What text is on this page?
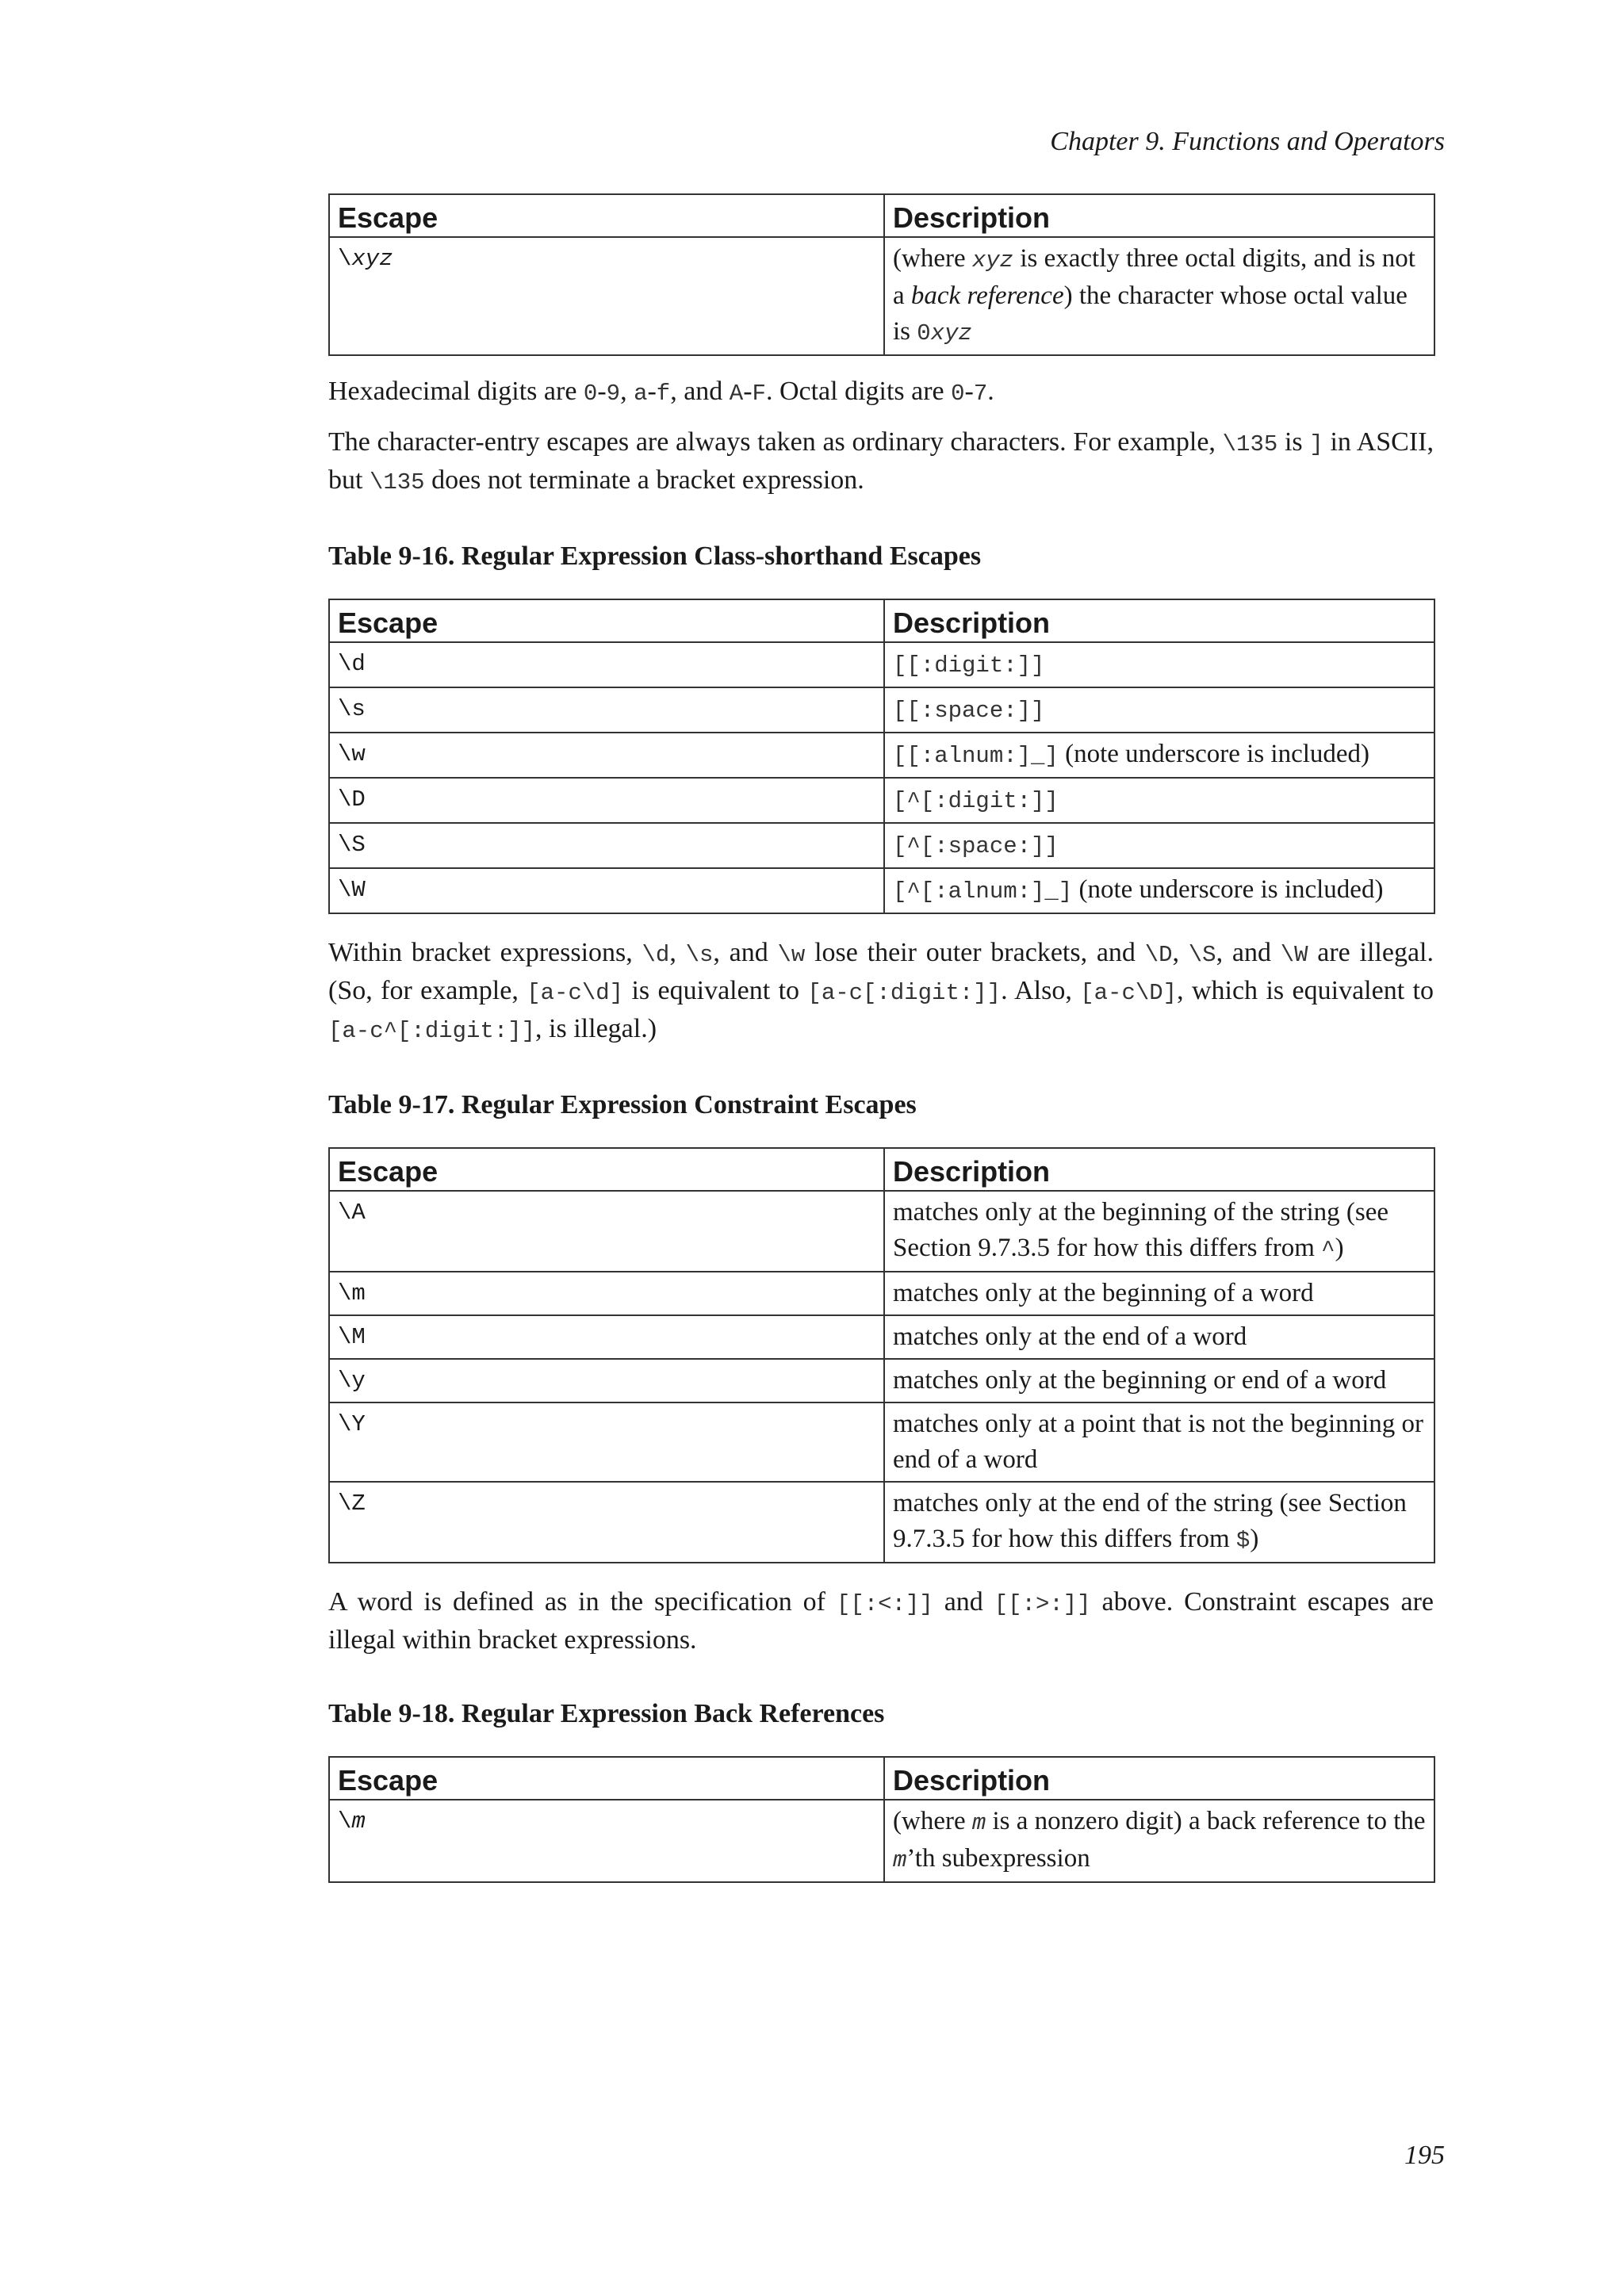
Chapter 9. Functions and Operators
Escape	Description
\xyz	(where xyz is exactly three octal digits, and is not a back reference) the character whose octal value is 0xyz

Hexadecimal digits are 0-9, a-f, and A-F. Octal digits are 0-7.

The character-entry escapes are always taken as ordinary characters. For example, \135 is ] in ASCII, but \135 does not terminate a bracket expression.

Table 9-16. Regular Expression Class-shorthand Escapes

Escape	Description
\d	[[:digit:]]
\s	[[:space:]]
\w	[[:alnum:]_] (note underscore is included)
\D	[^[:digit:]]
\S	[^[:space:]]
\W	[^[:alnum:]_] (note underscore is included)

Within bracket expressions, \d, \s, and \w lose their outer brackets, and \D, \S, and \W are illegal. (So, for example, [a-c\d] is equivalent to [a-c[:digit:]]. Also, [a-c\D], which is equivalent to [a-c^[:digit:]], is illegal.)

Table 9-17. Regular Expression Constraint Escapes

Escape	Description
\A	matches only at the beginning of the string (see Section 9.7.3.5 for how this differs from ^)
\m	matches only at the beginning of a word
\M	matches only at the end of a word
\y	matches only at the beginning or end of a word
\Y	matches only at a point that is not the beginning or end of a word
\Z	matches only at the end of the string (see Section 9.7.3.5 for how this differs from $)

A word is defined as in the specification of [[:<:]] and [[:>:]] above. Constraint escapes are illegal within bracket expressions.

Table 9-18. Regular Expression Back References

Escape	Description
\m	(where m is a nonzero digit) a back reference to the m’th subexpression
195
